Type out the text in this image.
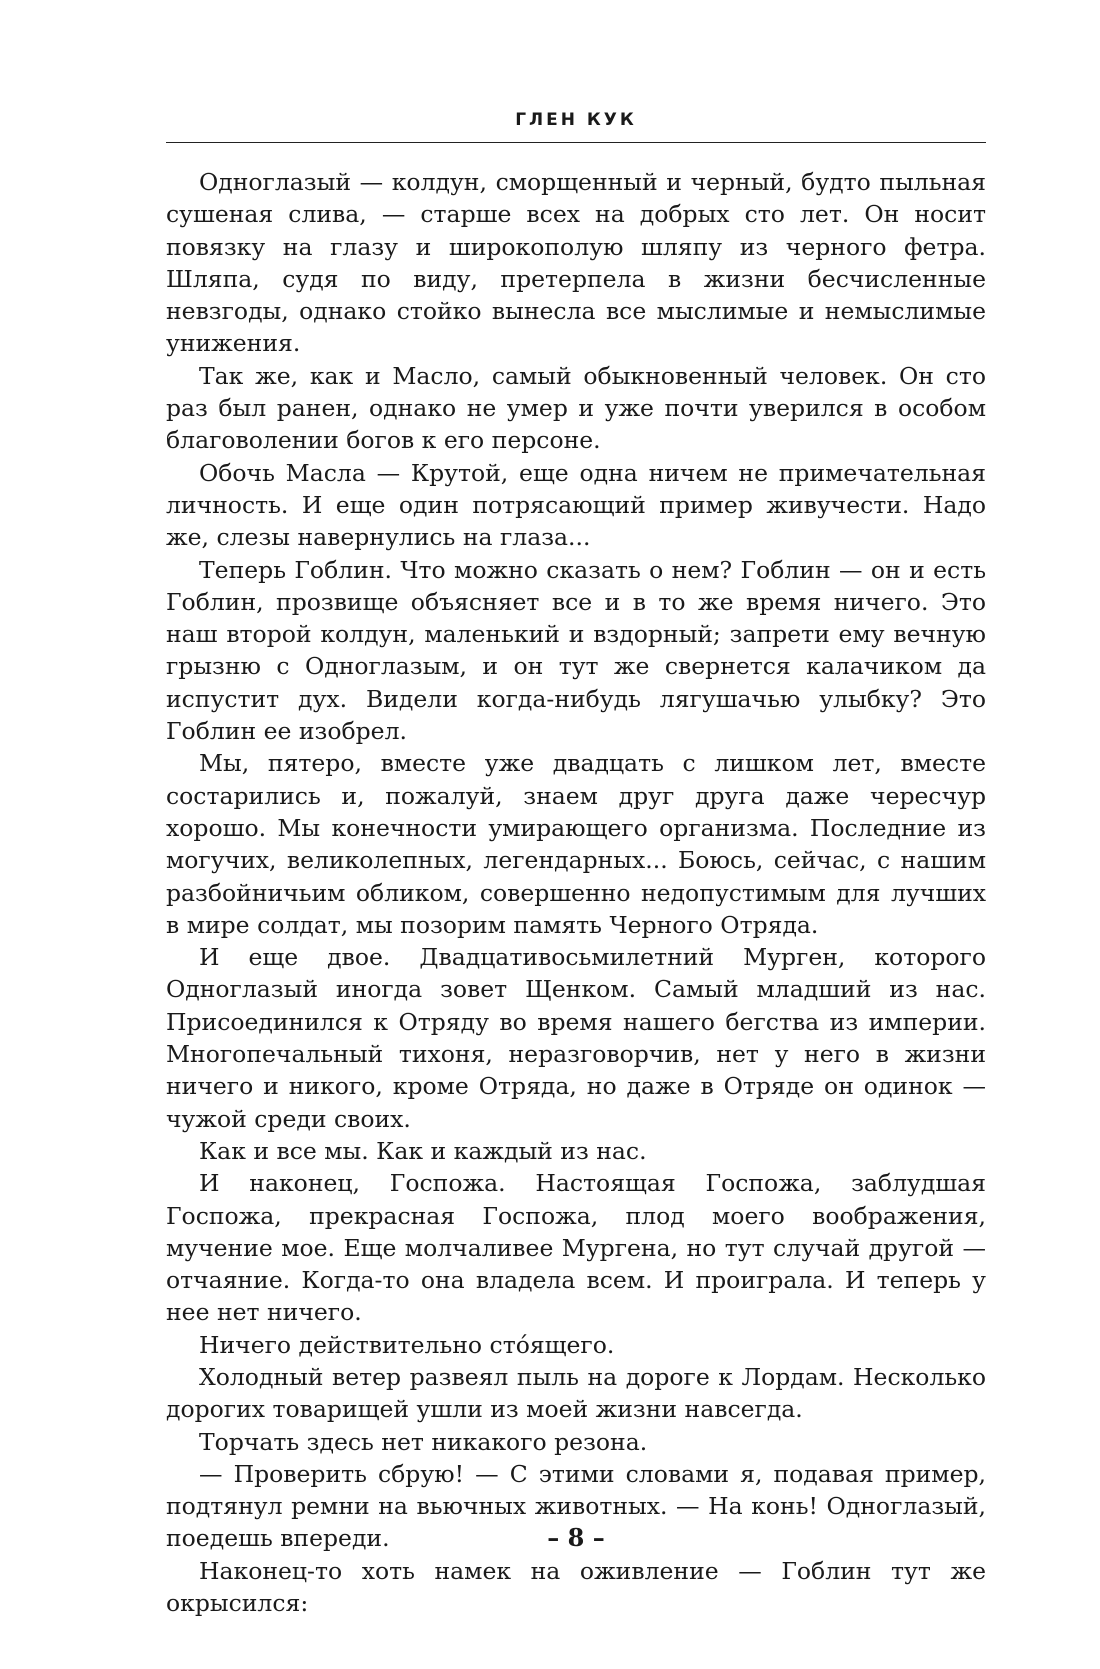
ГЛЕН КУК

Одноглазый — колдун, сморщенный и черный, будто пыльная сушеная слива, — старше всех на добрых сто лет. Он носит повязку на глазу и широкополую шляпу из черного фетра. Шляпа, судя по виду, претерпела в жизни бесчисленные невзгоды, однако стойко вынесла все мыслимые и немыслимые унижения.

Так же, как и Масло, самый обыкновенный человек. Он сто раз был ранен, однако не умер и уже почти уверился в особом благоволении богов к его персоне.

Обочь Масла — Крутой, еще одна ничем не примечательная личность. И еще один потрясающий пример живучести. Надо же, слезы навернулись на глаза...

Теперь Гоблин. Что можно сказать о нем? Гоблин — он и есть Гоблин, прозвище объясняет все и в то же время ничего. Это наш второй колдун, маленький и вздорный; запрети ему вечную грызню с Одноглазым, и он тут же свернется калачиком да испустит дух. Видели когда-нибудь лягушачью улыбку? Это Гоблин ее изобрел.

Мы, пятеро, вместе уже двадцать с лишком лет, вместе состарились и, пожалуй, знаем друг друга даже чересчур хорошо. Мы конечности умирающего организма. Последние из могучих, великолепных, легендарных... Боюсь, сейчас, с нашим разбойничьим обликом, совершенно недопустимым для лучших в мире солдат, мы позорим память Черного Отряда.

И еще двое. Двадцативосьмилетний Мурген, которого Одноглазый иногда зовет Щенком. Самый младший из нас. Присоединился к Отряду во время нашего бегства из империи. Многопечальный тихоня, неразговорчив, нет у него в жизни ничего и никого, кроме Отряда, но даже в Отряде он одинок — чужой среди своих.

Как и все мы. Как и каждый из нас.

И наконец, Госпожа. Настоящая Госпожа, заблудшая Госпожа, прекрасная Госпожа, плод моего воображения, мучение мое. Еще молчаливее Мургена, но тут случай другой — отчаяние. Когда-то она владела всем. И проиграла. И теперь у нее нет ничего.

Ничего действительно сто́ящего.

Холодный ветер развеял пыль на дороге к Лордам. Несколько дорогих товарищей ушли из моей жизни навсегда.

Торчать здесь нет никакого резона.

— Проверить сбрую! — С этими словами я, подавая пример, подтянул ремни на вьючных животных. — На конь! Одноглазый, поедешь впереди.

Наконец-то хоть намек на оживление — Гоблин тут же окрысился:

– 8 –
